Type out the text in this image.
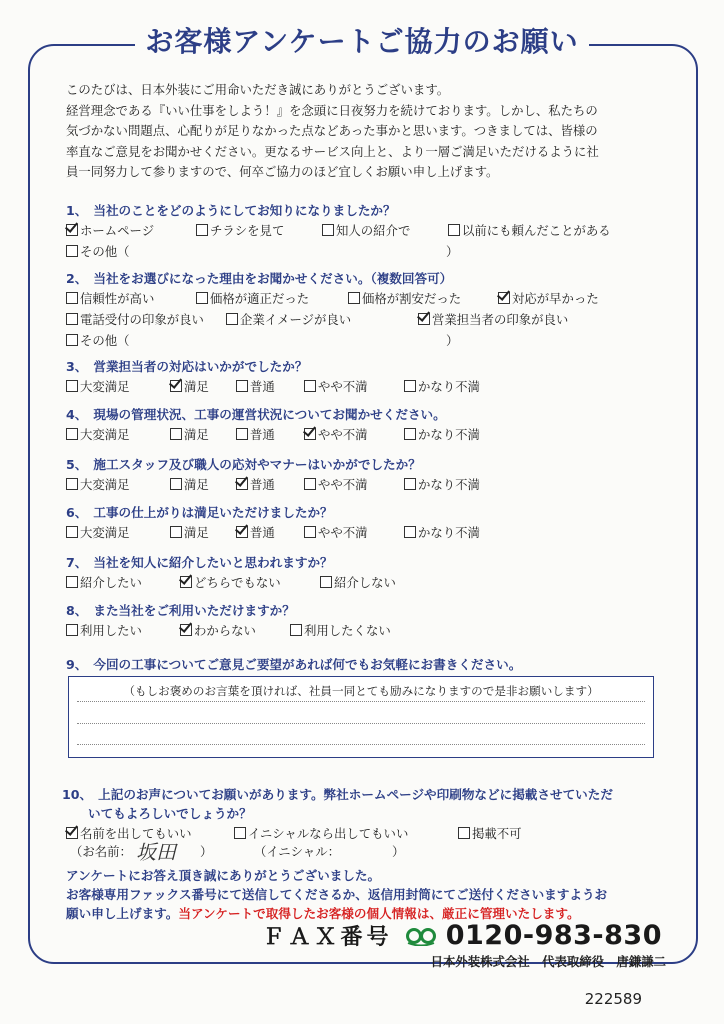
お客様アンケートご協力のお願い

このたびは、日本外装にご用命いただき誠にありがとうございます。

経営理念である『いい仕事をしよう！』を念頭に日夜努力を続けております。しかし、私たちの

気づかない問題点、心配りが足りなかった点などあった事かと思います。つきましては、皆様の

率直なご意見をお聞かせください。更なるサービス向上と、より一層ご満足いただけるように社

員一同努力して参りますので、何卒ご協力のほど宜しくお願い申し上げます。

1、 当社のことをどのようにしてお知りになりましたか？
ホームページ	チラシを見て	知人の紹介で	以前にも頼んだことがある
その他（	）
2、 当社をお選びになった理由をお聞かせください。（複数回答可）
信頼性が高い	価格が適正だった	価格が割安だった	対応が早かった
電話受付の印象が良い	企業イメージが良い	営業担当者の印象が良い
その他（	）
3、 営業担当者の対応はいかがでしたか？
大変満足	満足	普通	やや不満	かなり不満
4、 現場の管理状況、工事の運営状況についてお聞かせください。
大変満足	満足	普通	やや不満	かなり不満
5、 施工スタッフ及び職人の応対やマナーはいかがでしたか？
大変満足	満足	普通	やや不満	かなり不満
6、 工事の仕上がりは満足いただけましたか？
大変満足	満足	普通	やや不満	かなり不満
7、 当社を知人に紹介したいと思われますか？
紹介したい	どちらでもない	紹介しない
8、 また当社をご利用いただけますか？
利用したい	わからない	利用したくない
9、 今回の工事についてご意見ご要望があれば何でもお気軽にお書きください。
（もしお褒めのお言葉を頂ければ、社員一同とても励みになりますので是非お願いします）
10、 上記のお声についてお願いがあります。弊社ホームページや印刷物などに掲載させていただ
いてもよろしいでしょうか？
名前を出してもいい	イニシャルなら出してもいい	掲載不可
（お名前： 坂田 ）	（イニシャル：	）

アンケートにお答え頂き誠にありがとうございました。

お客様専用ファックス番号にて送信してくださるか、返信用封筒にてご送付くださいますようお

願い申し上げます。当アンケートで取得したお客様の個人情報は、厳正に管理いたします。

ＦＡＸ番号 0120-983-830
日本外装株式会社　代表取締役　唐鎌謙二
222589
